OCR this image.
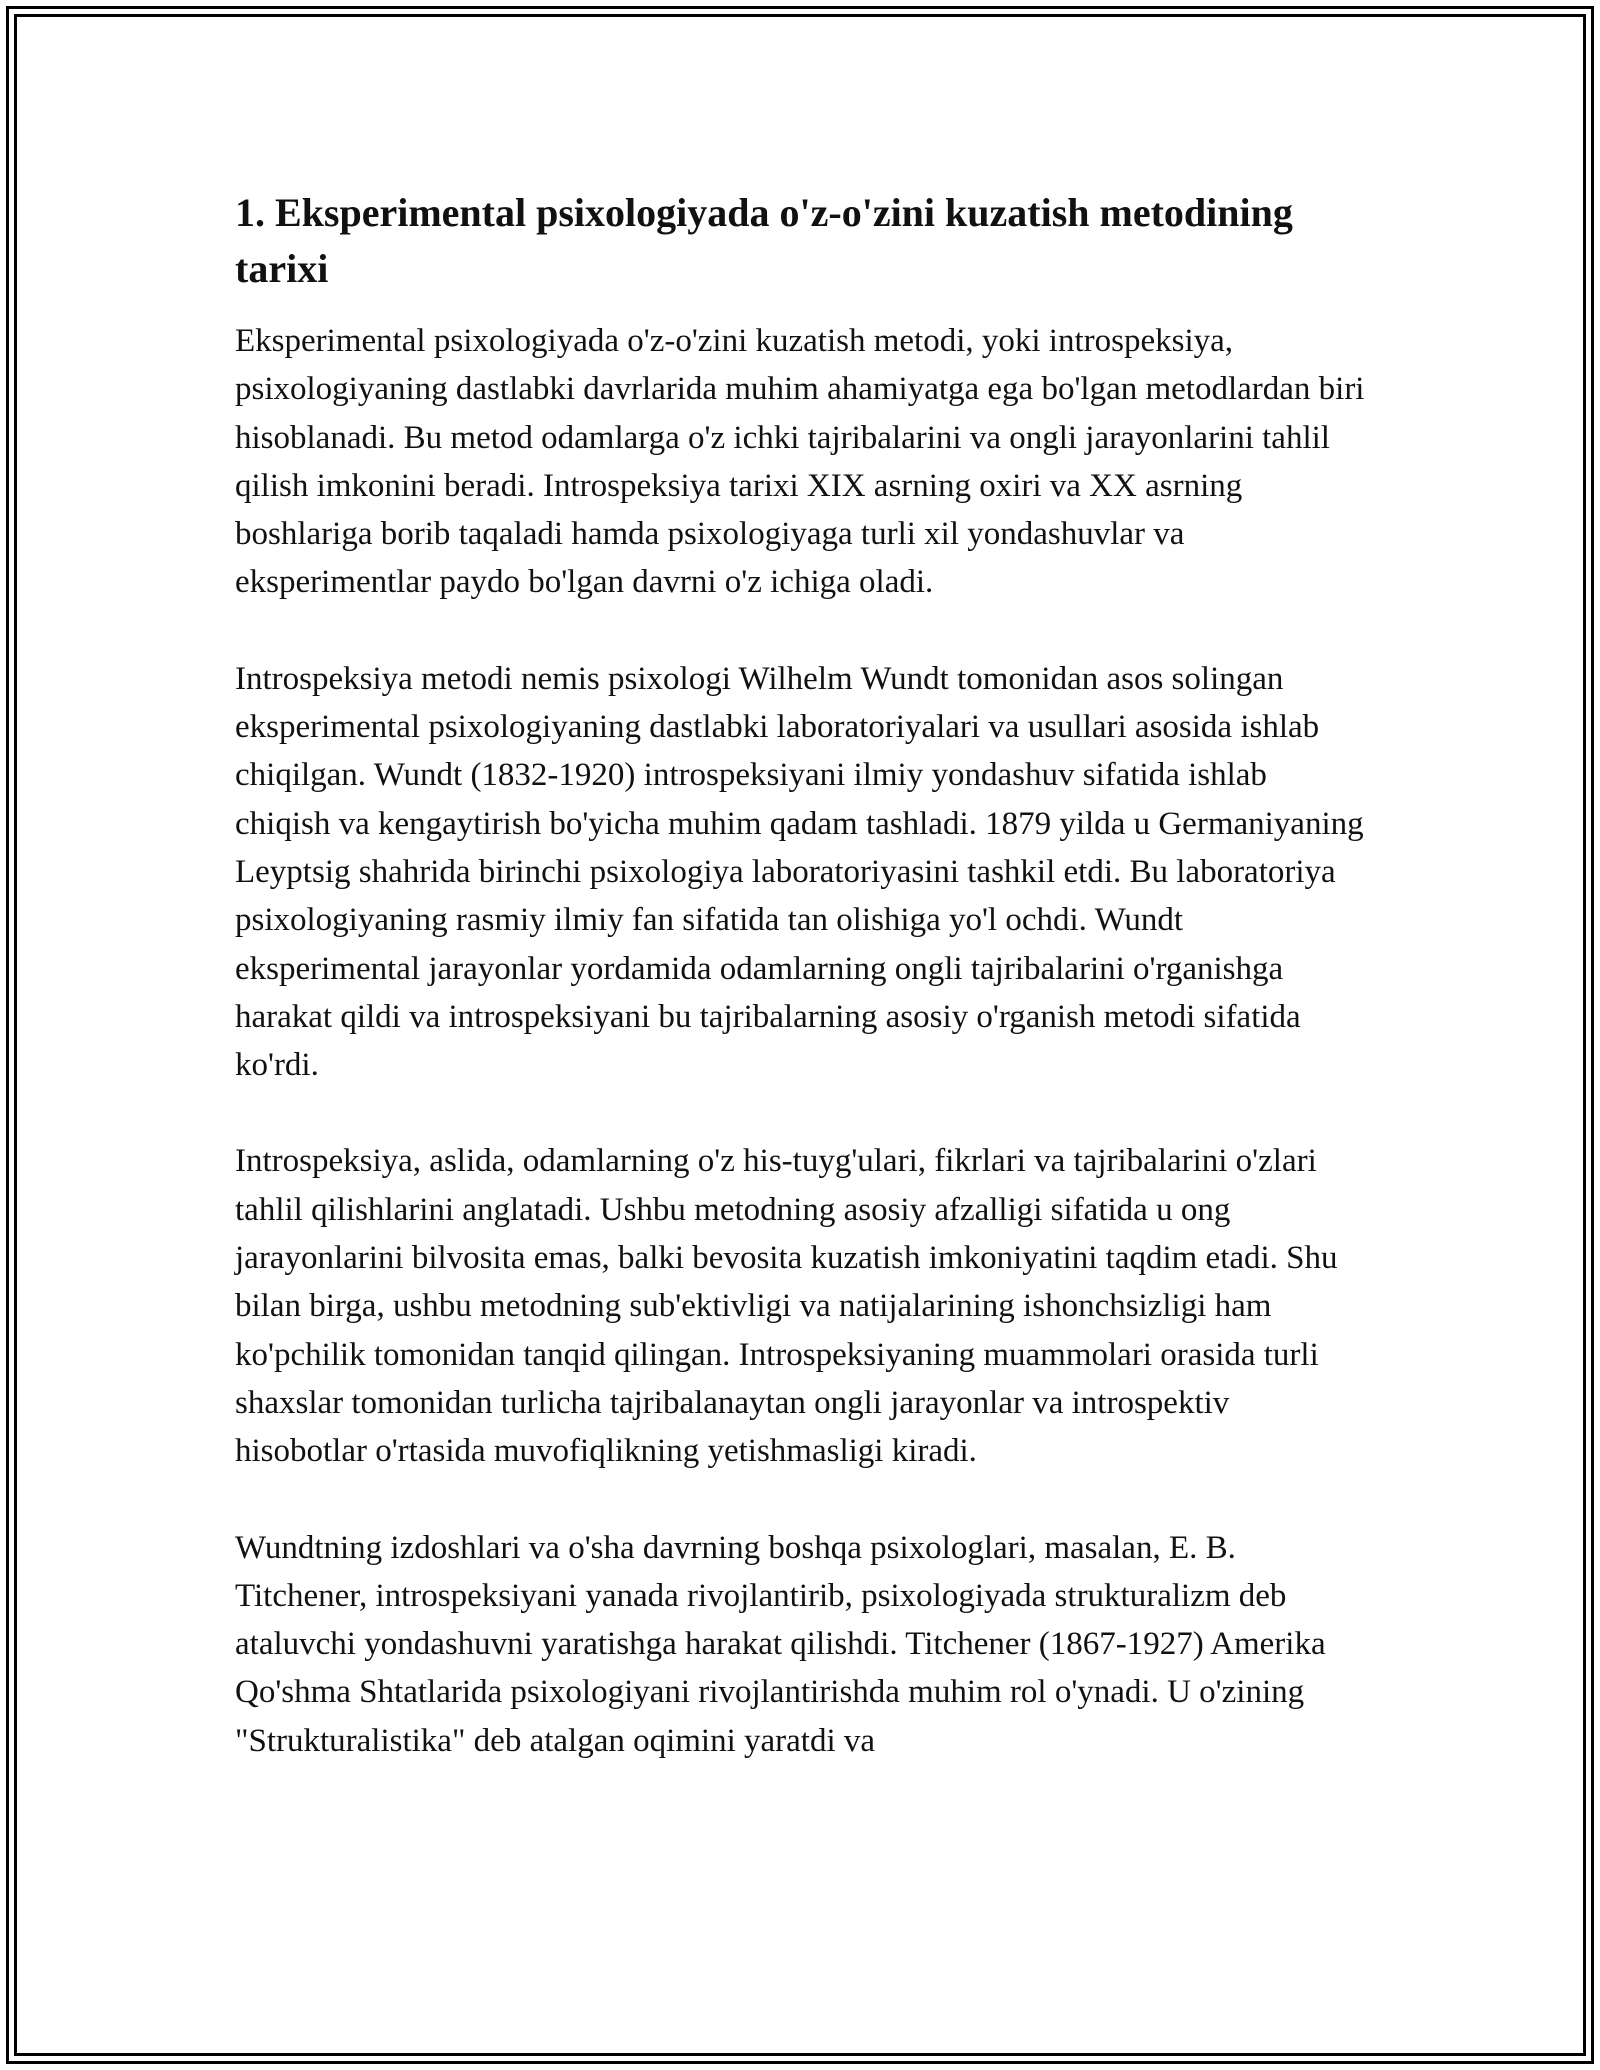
1. Eksperimental psixologiyada o'z-o'zini kuzatish metodining tarixi

Eksperimental psixologiyada o'z-o'zini kuzatish metodi, yoki introspeksiya, psixologiyaning dastlabki davrlarida muhim ahamiyatga ega bo'lgan metodlardan biri hisoblanadi. Bu metod odamlarga o'z ichki tajribalarini va ongli jarayonlarini tahlil qilish imkonini beradi. Introspeksiya tarixi XIX asrning oxiri va XX asrning boshlariga borib taqaladi hamda psixologiyaga turli xil yondashuvlar va eksperimentlar paydo bo'lgan davrni o'z ichiga oladi.

Introspeksiya metodi nemis psixologi Wilhelm Wundt tomonidan asos solingan eksperimental psixologiyaning dastlabki laboratoriyalari va usullari asosida ishlab chiqilgan. Wundt (1832-1920) introspeksiyani ilmiy yondashuv sifatida ishlab chiqish va kengaytirish bo'yicha muhim qadam tashladi. 1879 yilda u Germaniyaning Leyptsig shahrida birinchi psixologiya laboratoriyasini tashkil etdi. Bu laboratoriya psixologiyaning rasmiy ilmiy fan sifatida tan olishiga yo'l ochdi. Wundt eksperimental jarayonlar yordamida odamlarning ongli tajribalarini o'rganishga harakat qildi va introspeksiyani bu tajribalarning asosiy o'rganish metodi sifatida ko'rdi.

Introspeksiya, aslida, odamlarning o'z his-tuyg'ulari, fikrlari va tajribalarini o'zlari tahlil qilishlarini anglatadi. Ushbu metodning asosiy afzalligi sifatida u ong jarayonlarini bilvosita emas, balki bevosita kuzatish imkoniyatini taqdim etadi. Shu bilan birga, ushbu metodning sub'ektivligi va natijalarining ishonchsizligi ham ko'pchilik tomonidan tanqid qilingan. Introspeksiyaning muammolari orasida turli shaxslar tomonidan turlicha tajribalanaytan ongli jarayonlar va introspektiv hisobotlar o'rtasida muvofiqlikning yetishmasligi kiradi.

Wundtning izdoshlari va o'sha davrning boshqa psixologlari, masalan, E. B. Titchener, introspeksiyani yanada rivojlantirib, psixologiyada strukturalizm deb ataluvchi yondashuvni yaratishga harakat qilishdi. Titchener (1867-1927) Amerika Qo'shma Shtatlarida psixologiyani rivojlantirishda muhim rol o'ynadi. U o'zining "Strukturalistika" deb atalgan oqimini yaratdi va
